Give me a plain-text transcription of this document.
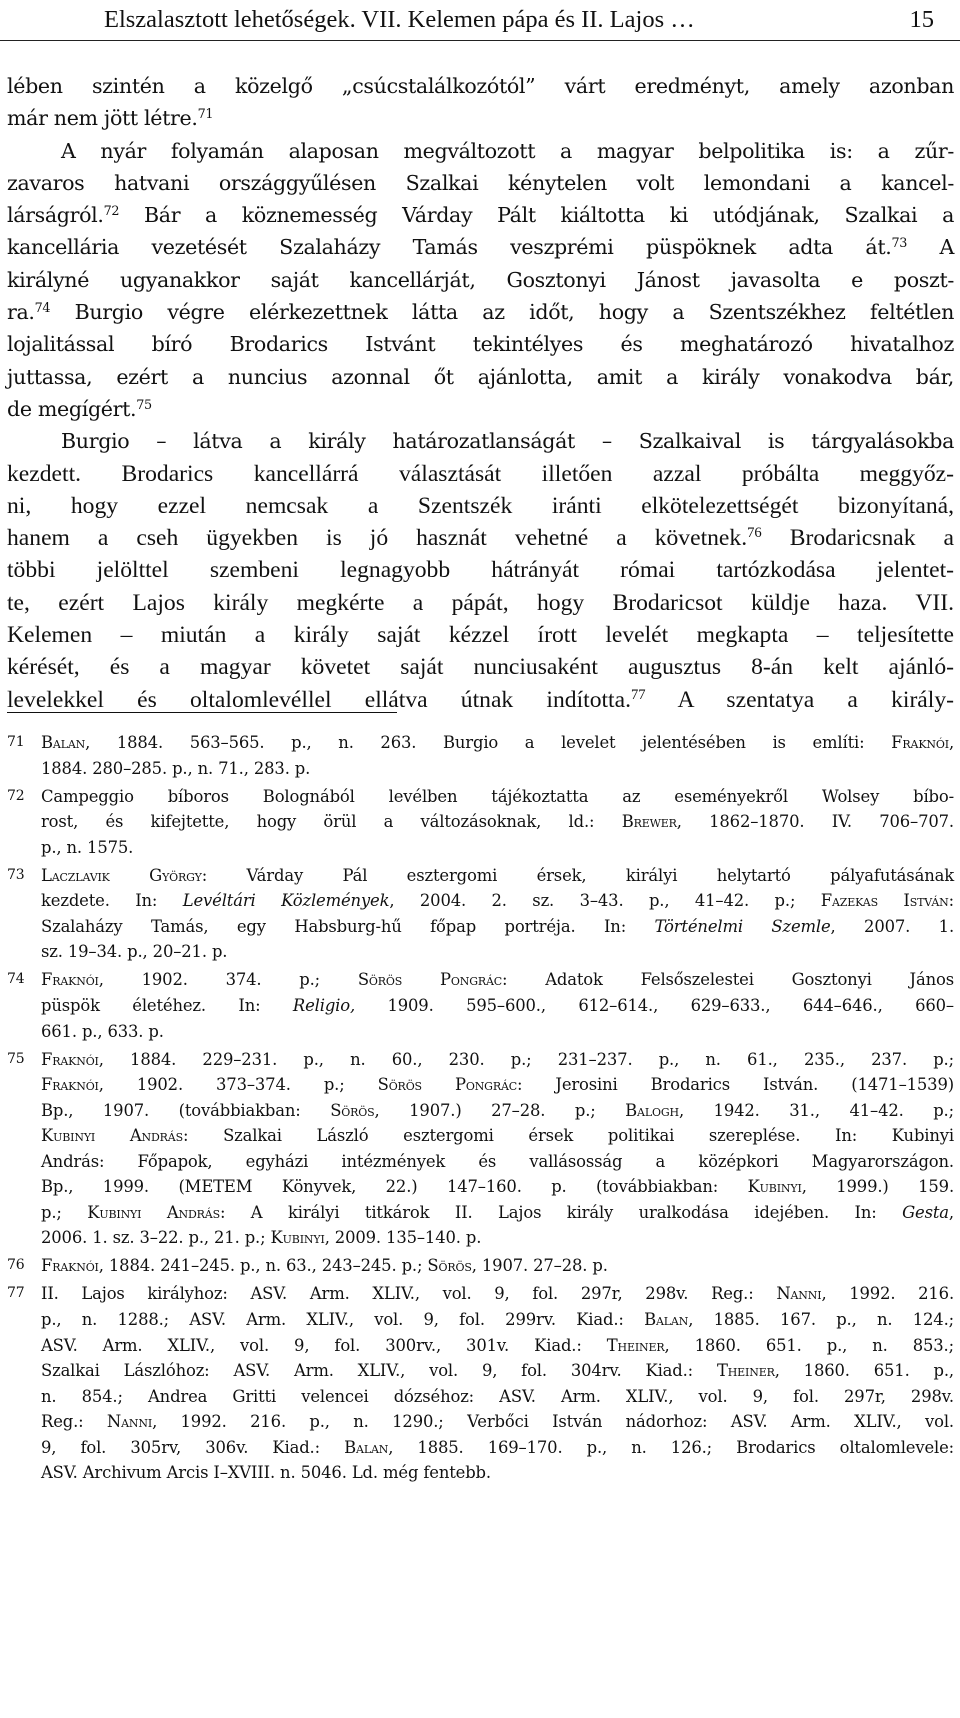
Elszalasztott lehetőségek. VII. Kelemen pápa és II. Lajos …	15
lében szintén a közelgő „csúcstalálkozótól” várt eredményt, amely azonban
már nem jött létre.$^{71}$
A nyár folyamán alaposan megváltozott a magyar belpolitika is: a zűr-
zavaros hatvani országgyűlésen Szalkai kénytelen volt lemondani a kancel-
lárságról.$^{72}$ Bár a köznemesség Várday Pált kiáltotta ki utódjának, Szalkai a
kancellária vezetését Szalaházy Tamás veszprémi püspöknek adta át.$^{73}$ A
királyné ugyanakkor saját kancellárját, Gosztonyi Jánost javasolta e poszt-
ra.$^{74}$ Burgio végre elérkezettnek látta az időt, hogy a Szentszékhez feltétlen
lojalitással bíró Brodarics Istvánt tekintélyes és meghatározó hivatalhoz
juttassa, ezért a nuncius azonnal őt ajánlotta, amit a király vonakodva bár,
de megígért.$^{75}$
Burgio – látva a király határozatlanságát – Szalkaival is tárgyalásokba
kezdett. Brodarics kancellárrá választását illetően azzal próbálta meggyőz-
ni, hogy ezzel nemcsak a Szentszék iránti elkötelezettségét bizonyítaná,
hanem a cseh ügyekben is jó hasznát vehetné a követnek.$^{76}$ Brodaricsnak a
többi jelölttel szembeni legnagyobb hátrányát római tartózkodása jelentet-
te, ezért Lajos király megkérte a pápát, hogy Brodaricsot küldje haza. VII.
Kelemen – miután a király saját kézzel írott levelét megkapta – teljesítette
kérését, és a magyar követet saját nunciusaként augusztus 8-án kelt ajánló-
levelekkel és oltalomlevéllel ellátva útnak indította.$^{77}$ A szentatya a király-
71 Balan, 1884. 563–565. p., n. 263. Burgio a levelet jelentésében is említi: Fraknói,
1884. 280–285. p., n. 71., 283. p.
72 Campeggio bíboros Bolognából levélben tájékoztatta az eseményekről Wolsey bíbo-
rost, és kifejtette, hogy örül a változásoknak, ld.: Brewer, 1862–1870. IV. 706–707.
p., n. 1575.
73 Laczlavik György: Várday Pál esztergomi érsek, királyi helytartó pályafutásának
kezdete. In: Levéltári Közlemények, 2004. 2. sz. 3–43. p., 41–42. p.; Fazekas István:
Szalaházy Tamás, egy Habsburg-hű főpap portréja. In: Történelmi Szemle, 2007. 1.
sz. 19–34. p., 20–21. p.
74 Fraknói, 1902. 374. p.; Sörös Pongrác: Adatok Felsőszelestei Gosztonyi János
püspök életéhez. In: Religio, 1909. 595–600., 612–614., 629–633., 644–646., 660–
661. p., 633. p.
75 Fraknói, 1884. 229–231. p., n. 60., 230. p.; 231–237. p., n. 61., 235., 237. p.;
Fraknói, 1902. 373–374. p.; Sörös Pongrác: Jerosini Brodarics István. (1471–1539)
Bp., 1907. (továbbiakban: Sörös, 1907.) 27–28. p.; Balogh, 1942. 31., 41–42. p.;
Kubinyi András: Szalkai László esztergomi érsek politikai szereplése. In: Kubinyi
András: Főpapok, egyházi intézmények és vallásosság a középkori Magyarországon.
Bp., 1999. (METEM Könyvek, 22.) 147–160. p. (továbbiakban: Kubinyi, 1999.) 159.
p.; Kubinyi András: A királyi titkárok II. Lajos király uralkodása idejében. In: Gesta,
2006. 1. sz. 3–22. p., 21. p.; Kubinyi, 2009. 135–140. p.
76 Fraknói, 1884. 241–245. p., n. 63., 243–245. p.; Sörös, 1907. 27–28. p.
77 II. Lajos királyhoz: ASV. Arm. XLIV., vol. 9, fol. 297r, 298v. Reg.: Nanni, 1992. 216.
p., n. 1288.; ASV. Arm. XLIV., vol. 9, fol. 299rv. Kiad.: Balan, 1885. 167. p., n. 124.;
ASV. Arm. XLIV., vol. 9, fol. 300rv., 301v. Kiad.: Theiner, 1860. 651. p., n. 853.;
Szalkai Lászlóhoz: ASV. Arm. XLIV., vol. 9, fol. 304rv. Kiad.: Theiner, 1860. 651. p.,
n. 854.; Andrea Gritti velencei dózséhoz: ASV. Arm. XLIV., vol. 9, fol. 297r, 298v.
Reg.: Nanni, 1992. 216. p., n. 1290.; Verbőci István nádorhoz: ASV. Arm. XLIV., vol.
9, fol. 305rv, 306v. Kiad.: Balan, 1885. 169–170. p., n. 126.; Brodarics oltalomlevele:
ASV. Archivum Arcis I–XVIII. n. 5046. Ld. még fentebb.
